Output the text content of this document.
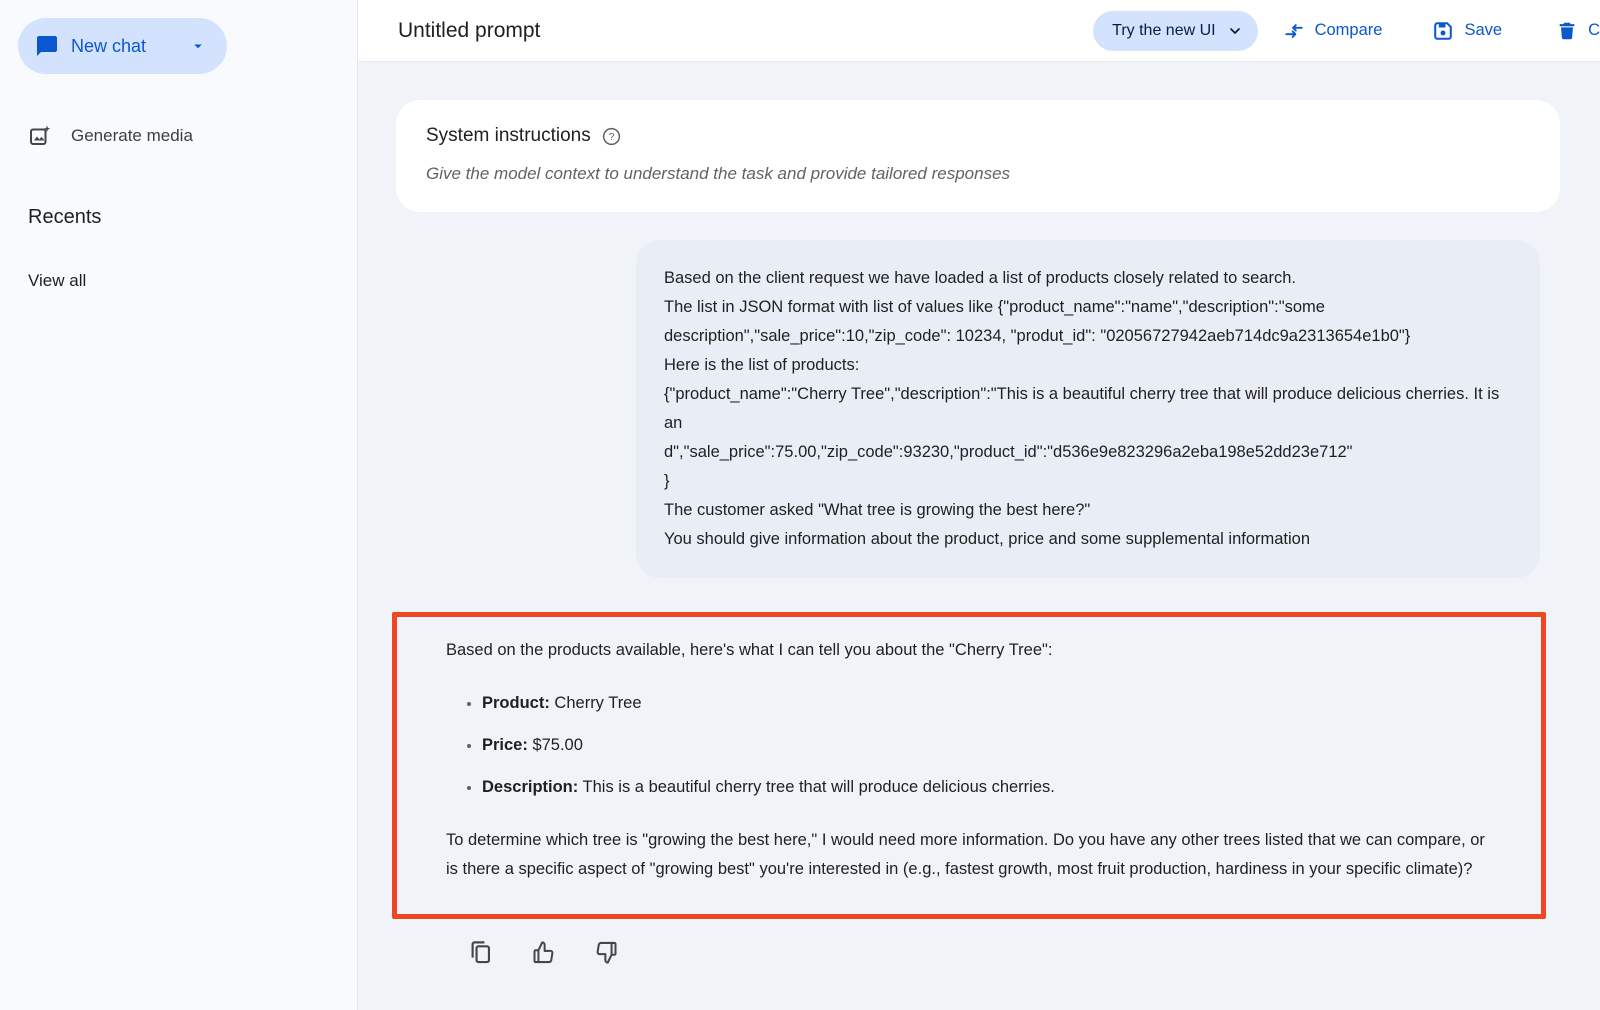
New chat
Generate media
Recents
View all
Untitled prompt	Try the new UI	Compare	Save	C
System instructions ?
Give the model context to understand the task and provide tailored responses
Based on the client request we have loaded a list of products closely related to search.
The list in JSON format with list of values like {"product_name":"name","description":"some description","sale_price":10,"zip_code": 10234, "produt_id": "02056727942aeb714dc9a2313654e1b0"}
Here is the list of products:
{"product_name":"Cherry Tree","description":"This is a beautiful cherry tree that will produce delicious cherries. It is an
d","sale_price":75.00,"zip_code":93230,"product_id":"d536e9e823296a2eba198e52dd23e712"
}
The customer asked "What tree is growing the best here?"
You should give information about the product, price and some supplemental information
Based on the products available, here's what I can tell you about the "Cherry Tree":
• Product: Cherry Tree
• Price: $75.00
• Description: This is a beautiful cherry tree that will produce delicious cherries.
To determine which tree is "growing the best here," I would need more information. Do you have any other trees listed that we can compare, or is there a specific aspect of "growing best" you're interested in (e.g., fastest growth, most fruit production, hardiness in your specific climate)?
